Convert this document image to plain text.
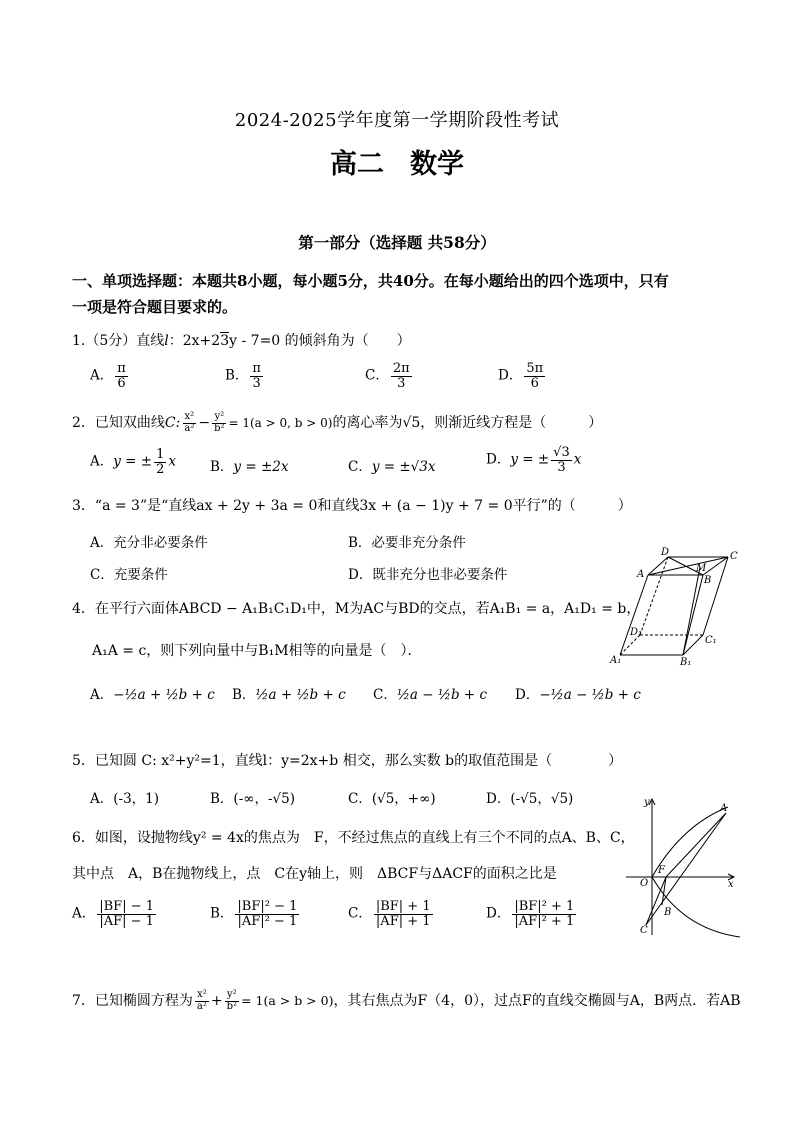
2024-2025学年度第一学期阶段性考试
高二 数学
第一部分（选择题 共58分）
一、单项选择题：本题共8小题，每小题5分，共40分。在每小题给出的四个选项中，只有
一项是符合题目要求的。
1.（5分）直线l：2x+23y - 7=0 的倾斜角为（　　）
A． $\frac{\pi}{6}$	B． $\frac{\pi}{3}$	C． $\frac{2\pi}{3}$	D． $\frac{5\pi}{6}$
2．已知双曲线C: $\frac{\text{x²}}{\text{a²}} - \frac{\text{y²}}{\text{b²}} = 1(a > 0$, b > 0)的离心率为√5，则渐近线方程是（　　　）
A．y = ± $\frac{1}{2}$ x	B．y = ±2x	C．y = ±√3x	D．y = ± $\frac{√3}{3}$ x
3．“a = 3”是“直线ax + 2y + 3a = 0和直线3x + (a − 1)y + 7 = 0平行”的（　　　）
A．充分非必要条件	B．必要非充分条件
C．充要条件	D．既非充分也非必要条件
D	C
A
M
B
D₁
C₁
A₁	B₁
4．在平行六面体ABCD − A₁B₁C₁D₁中，M为AC与BD的交点，若A₁B₁ = a，A₁D₁ = b，
A₁A = c，则下列向量中与B₁M相等的向量是（　）．
A．−½a + ½b + c B．½a + ½b + c C．½a − ½b + c D．−½a − ½b + c
5．已知圆 C: x²+y²=1，直线l：y=2x+b 相交，那么实数 b的取值范围是（　　　　）
A．(-3，1)	B．(-∞，-√5)	C．(√5，+∞)	D．(-√5，√5)	y
A
O
F
x
B
C
6．如图，设抛物线y² = 4x的焦点为　F，不经过焦点的直线上有三个不同的点A、B、C，
其中点　A，B在抛物线上，点　C在y轴上，则　ΔBCF与ΔACF的面积之比是
A． $\frac{|BF| - 1}{|AF| - 1}$	B． $\frac{\text{|BF|² − 1}}{\text{|AF|² − 1}}$	C． $\frac{|BF| + 1}{|AF| + 1}$	D． $\frac{\text{|BF|² + 1}}{\text{|AF|² + 1}}$
7．已知椭圆方程为 $\frac{\text{x²}}{\text{a²}} + \frac{\text{y²}}{\text{b²}} = 1(a > b > 0)$，其右焦点为F（4，0），过点F的直线交椭圆与A，B两点．若AB
